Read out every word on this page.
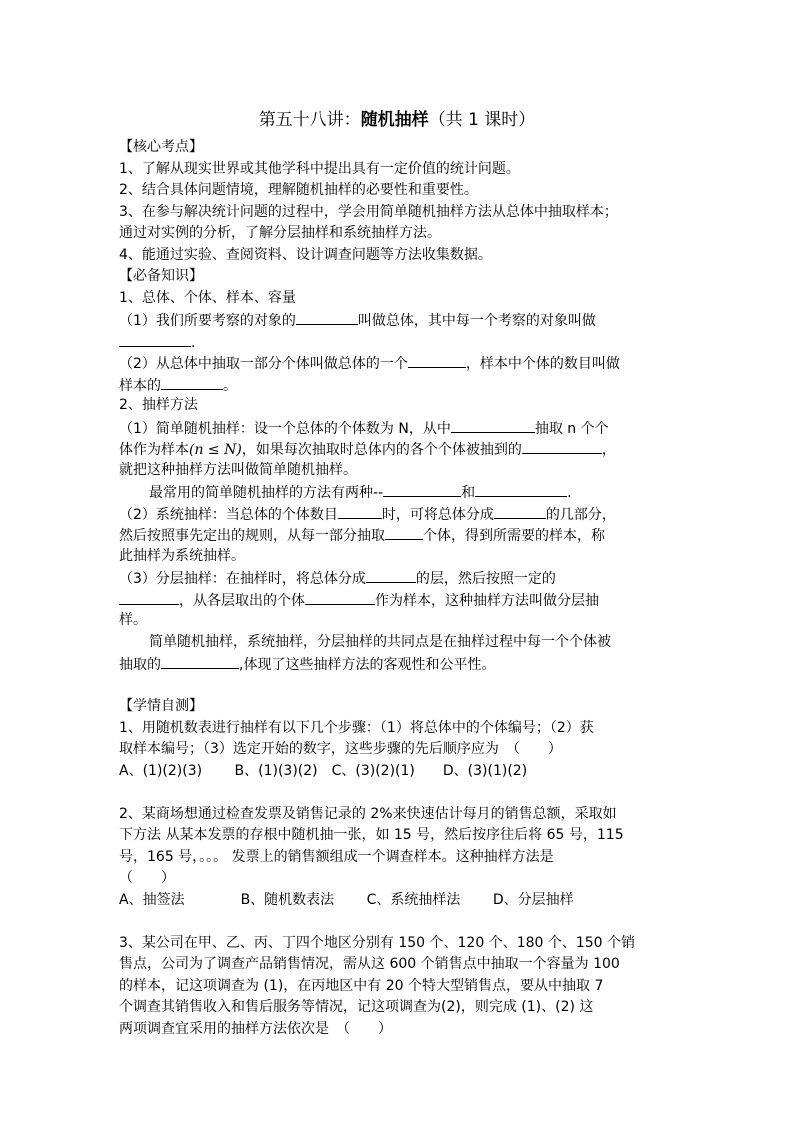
第五十八讲：随机抽样（共 1 课时）
【核心考点】
1、了解从现实世界或其他学科中提出具有一定价值的统计问题。
2、结合具体问题情境，理解随机抽样的必要性和重要性。
3、在参与解决统计问题的过程中，学会用简单随机抽样方法从总体中抽取样本；
通过对实例的分析，了解分层抽样和系统抽样方法。
4、能通过实验、查阅资料、设计调查问题等方法收集数据。
【必备知识】
1、总体、个体、样本、容量
（1）我们所要考察的对象的	叫做总体，其中每一个考察的对象叫做
.
（2）从总体中抽取一部分个体叫做总体的一个	，样本中个体的数目叫做
样本的	。
2、抽样方法
（1）简单随机抽样：设一个总体的个体数为 N，从中	抽取 n 个个
体作为样本(n ≤ N)，如果每次抽取时总体内的各个个体被抽到的	，
就把这种抽样方法叫做简单随机抽样。
最常用的简单随机抽样的方法有两种--	和	.
（2）系统抽样：当总体的个体数目	时，可将总体分成	的几部分，
然后按照事先定出的规则，从每一部分抽取	个体，得到所需要的样本，称
此抽样为系统抽样。
（3）分层抽样：在抽样时，将总体分成	的层，然后按照一定的
，从各层取出的个体	作为样本，这种抽样方法叫做分层抽
样。
简单随机抽样，系统抽样，分层抽样的共同点是在抽样过程中每一个个体被
抽取的	,体现了这些抽样方法的客观性和公平性。
【学情自测】
1、用随机数表进行抽样有以下几个步骤：（1）将总体中的个体编号；（2）获
取样本编号；（3）选定开始的数字，这些步骤的先后顺序应为　（　　）
A、(1)(2)(3)　　 B、(1)(3)(2)　C、(3)(2)(1)　　D、(3)(1)(2)
2、某商场想通过检查发票及销售记录的 2%来快速估计每月的销售总额，采取如
下方法 从某本发票的存根中随机抽一张，如 15 号，然后按序往后将 65 号，115
号，165 号，。。。 发票上的销售额组成一个调查样本。这种抽样方法是
（　　）
A、抽签法　　　　B、随机数表法　　 C、系统抽样法　　 D、分层抽样
3、某公司在甲、乙、丙、丁四个地区分别有 150 个、120 个、180 个、150 个销
售点，公司为了调查产品销售情况，需从这 600 个销售点中抽取一个容量为 100
的样本，记这项调查为 (1)，在丙地区中有 20 个特大型销售点，要从中抽取 7
个调查其销售收入和售后服务等情况，记这项调查为(2)，则完成 (1)、(2) 这
两项调查宜采用的抽样方法依次是　（　　）
